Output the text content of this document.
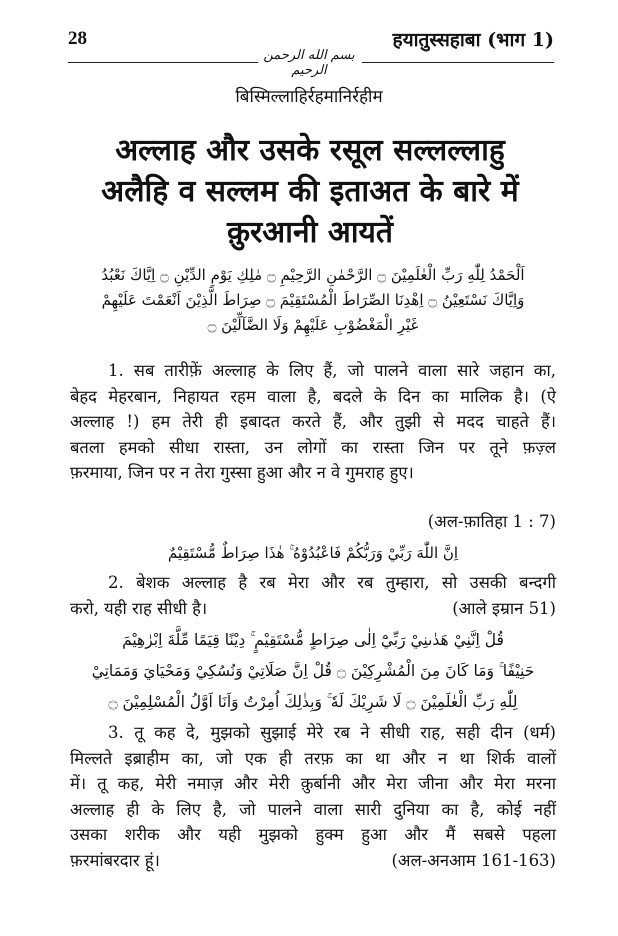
28	हयातुस्सहाबा (भाग 1)
بسم الله الرحمن الرحيم
बिस्मिल्लाहिर्रहमानिर्रहीम
अल्लाह और उसके रसूल सल्लल्लाहु
अलैहि व सल्लम की इताअत के बारे में
क़ुरआनी आयतें
اَلْحَمْدُ لِلّٰهِ رَبِّ الْعٰلَمِيْنَ ۝ الرَّحْمٰنِ الرَّحِيْمِ ۝ مٰلِكِ يَوْمِ الدِّيْنِ ۝ اِيَّاكَ نَعْبُدُ
وَاِيَّاكَ نَسْتَعِيْنُ ۝ اِهْدِنَا الصِّرَاطَ الْمُسْتَقِيْمَ ۝ صِرَاطَ الَّذِيْنَ اَنْعَمْتَ عَلَيْهِمْ
غَيْرِ الْمَغْضُوْبِ عَلَيْهِمْ وَلَا الضَّآلِّيْنَ ۝
1. सब तारीफ़ें अल्लाह के लिए हैं, जो पालने वाला सारे जहान का,
बेहद मेहरबान, निहायत रहम वाला है, बदले के दिन का मालिक है। (ऐ
अल्लाह !) हम तेरी ही इबादत करते हैं, और तुझी से मदद चाहते हैं।
बतला हमको सीधा रास्ता, उन लोगों का रास्ता जिन पर तूने फ़ज़्ल
फ़रमाया, जिन पर न तेरा गुस्सा हुआ और न वे गुमराह हुए।
(अल-फ़ातिहा 1 : 7)
اِنَّ اللّٰهَ رَبِّيْ وَرَبُّكُمْ فَاعْبُدُوْهُ ۚ هٰذَا صِرَاطٌ مُّسْتَقِيْمٌ
2. बेशक अल्लाह है रब मेरा और रब तुम्हारा, सो उसकी बन्दगी
करो, यही राह सीधी है।	(आले इम्रान 51)
قُلْ اِنَّنِيْ هَدٰىنِيْ رَبِّيْٓ اِلٰى صِرَاطٍ مُّسْتَقِيْمٍ ۚ دِيْنًا قِيَمًا مِّلَّةَ اِبْرٰهِيْمَ
حَنِيْفًا ۚ وَمَا كَانَ مِنَ الْمُشْرِكِيْنَ ۝ قُلْ اِنَّ صَلَاتِيْ وَنُسُكِيْ وَمَحْيَايَ وَمَمَاتِيْ
لِلّٰهِ رَبِّ الْعٰلَمِيْنَ ۝ لَا شَرِيْكَ لَهٗ ۚ وَبِذٰلِكَ اُمِرْتُ وَاَنَا اَوَّلُ الْمُسْلِمِيْنَ ۝
3. तू कह दे, मुझको सुझाई मेरे रब ने सीधी राह, सही दीन (धर्म)
मिल्लते इब्राहीम का, जो एक ही तरफ़ का था और न था शिर्क वालों
में। तू कह, मेरी नमाज़ और मेरी क़ुर्बानी और मेरा जीना और मेरा मरना
अल्लाह ही के लिए है, जो पालने वाला सारी दुनिया का है, कोई नहीं
उसका शरीक और यही मुझको हुक्म हुआ और मैं सबसे पहला
फ़रमांबरदार हूं।	(अल-अनआम 161-163)
